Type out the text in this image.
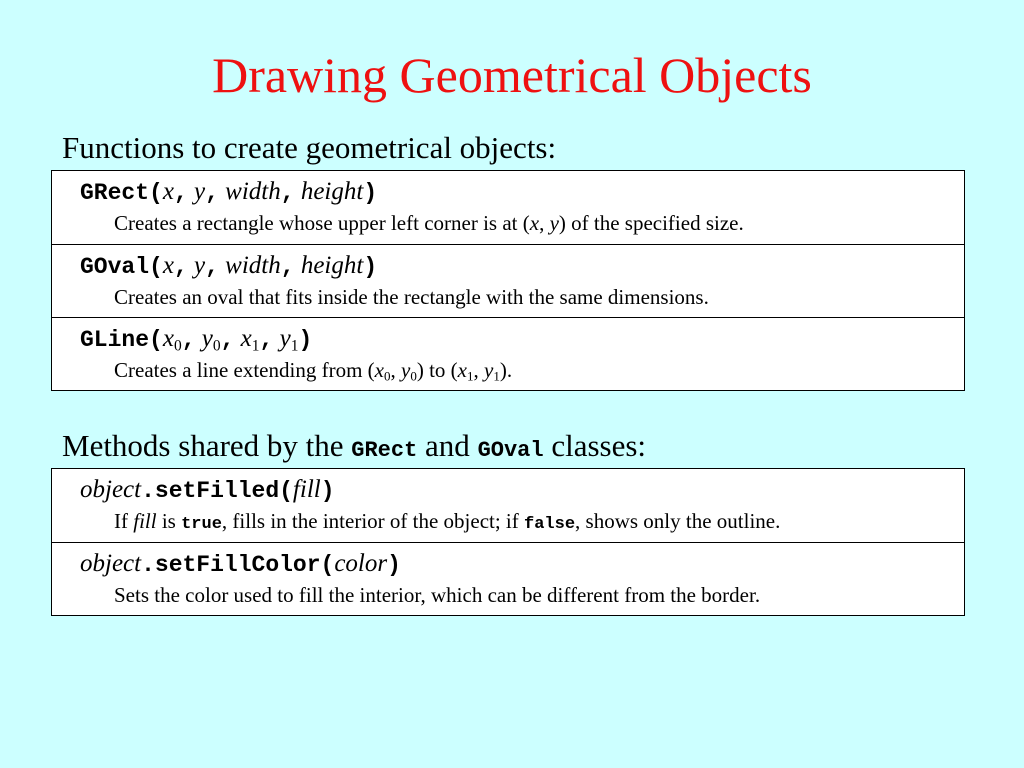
Drawing Geometrical Objects
Functions to create geometrical objects:
GRect(x, y, width, height)
Creates a rectangle whose upper left corner is at (x, y) of the specified size.
GOval(x, y, width, height)
Creates an oval that fits inside the rectangle with the same dimensions.
$GLine(x_0$, $y_0$, $x_1$, $y_1$)
Creates a line extending from ($x_0$, $y_0$) to ($x_1$, $y_1$).
Methods shared by the GRect and GOval classes:
object.setFilled(fill)
If fill is true, fills in the interior of the object; if false, shows only the outline.
object.setFillColor(color)
Sets the color used to fill the interior, which can be different from the border.
